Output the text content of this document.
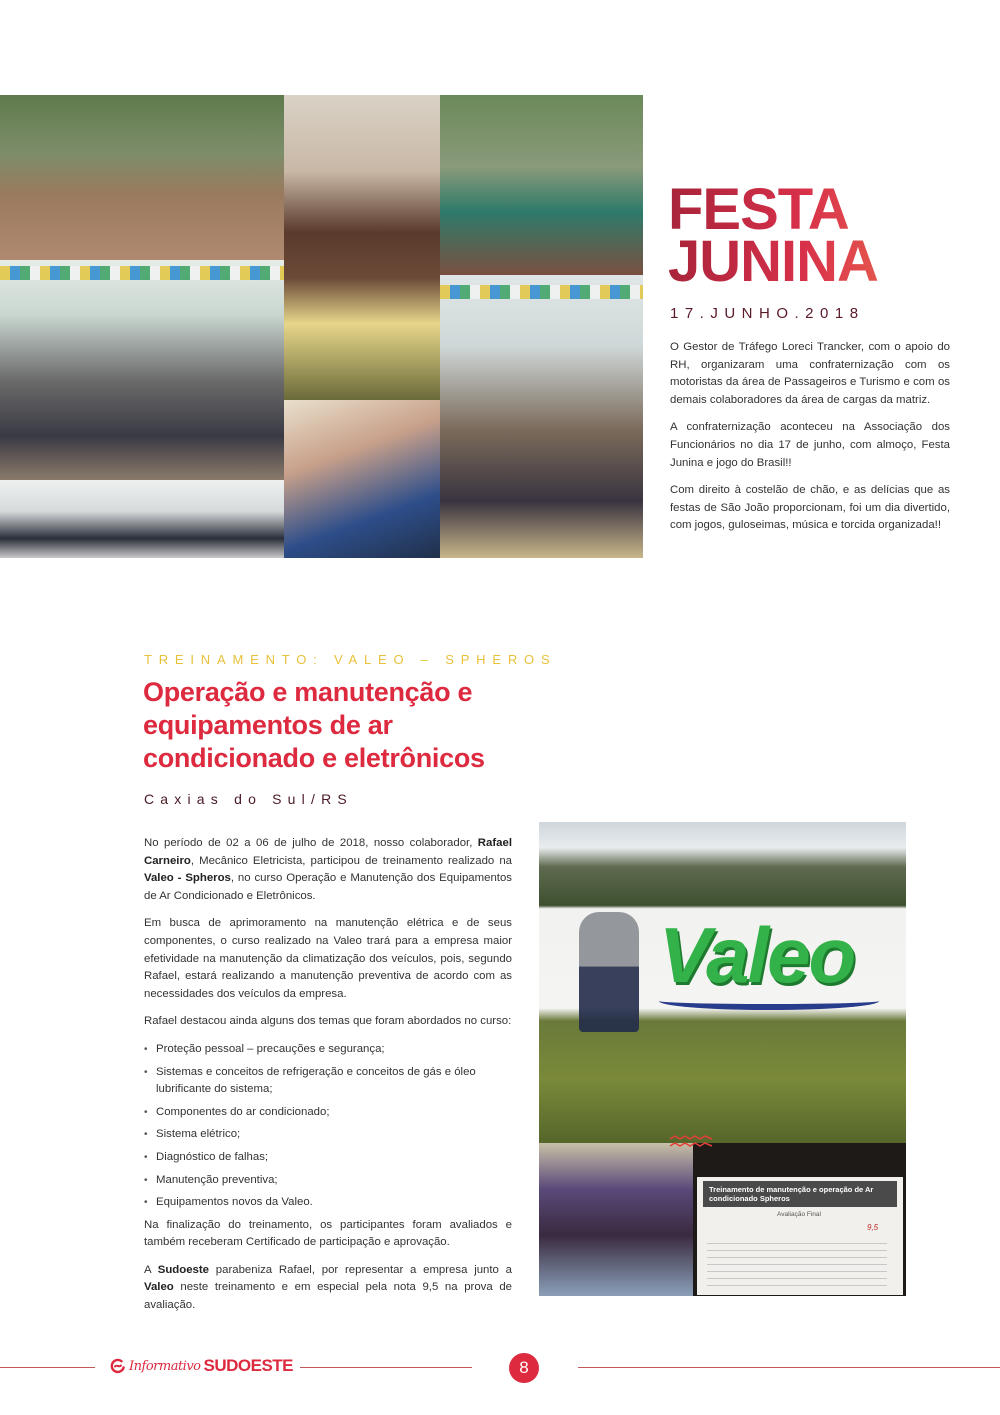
FESTA
JUNINA
17.JUNHO.2018

O Gestor de Tráfego Loreci Trancker, com o apoio do RH, organizaram uma confraternização com os motoristas da área de Passageiros e Turismo e com os demais colaboradores da área de cargas da matriz.

A confraternização aconteceu na Associação dos Funcionários no dia 17 de junho, com almoço, Festa Junina e jogo do Brasil!!

Com direito à costelão de chão, e as delícias que as festas de São João proporcionam, foi um dia divertido, com jogos, guloseimas, música e torcida organizada!!

TREINAMENTO: VALEO – SPHEROS
Operação e manutenção e equipamentos de ar condicionado e eletrônicos
Caxias do Sul/RS

No período de 02 a 06 de julho de 2018, nosso colaborador, Rafael Carneiro, Mecânico Eletricista, participou de treinamento realizado na Valeo - Spheros, no curso Operação e Manutenção dos Equipamentos de Ar Condicionado e Eletrônicos.

Em busca de aprimoramento na manutenção elétrica e de seus componentes, o curso realizado na Valeo trará para a empresa maior efetividade na manutenção da climatização dos veículos, pois, segundo Rafael, estará realizando a manutenção preventiva de acordo com as necessidades dos veículos da empresa.

Rafael destacou ainda alguns dos temas que foram abordados no curso:

• Proteção pessoal – precauções e segurança;
• Sistemas e conceitos de refrigeração e conceitos de gás e óleo lubrificante do sistema;
• Componentes do ar condicionado;
• Sistema elétrico;
• Diagnóstico de falhas;
• Manutenção preventiva;
• Equipamentos novos da Valeo.

Na finalização do treinamento, os participantes foram avaliados e também receberam Certificado de participação e aprovação.

A Sudoeste parabeniza Rafael, por representar a empresa junto a Valeo neste treinamento e em especial pela nota 9,5 na prova de avaliação.

Valeo
Treinamento de manutenção e operação de Ar condicionado Spheros
Avaliação Final
9,5
Informativo SUDOESTE	8
